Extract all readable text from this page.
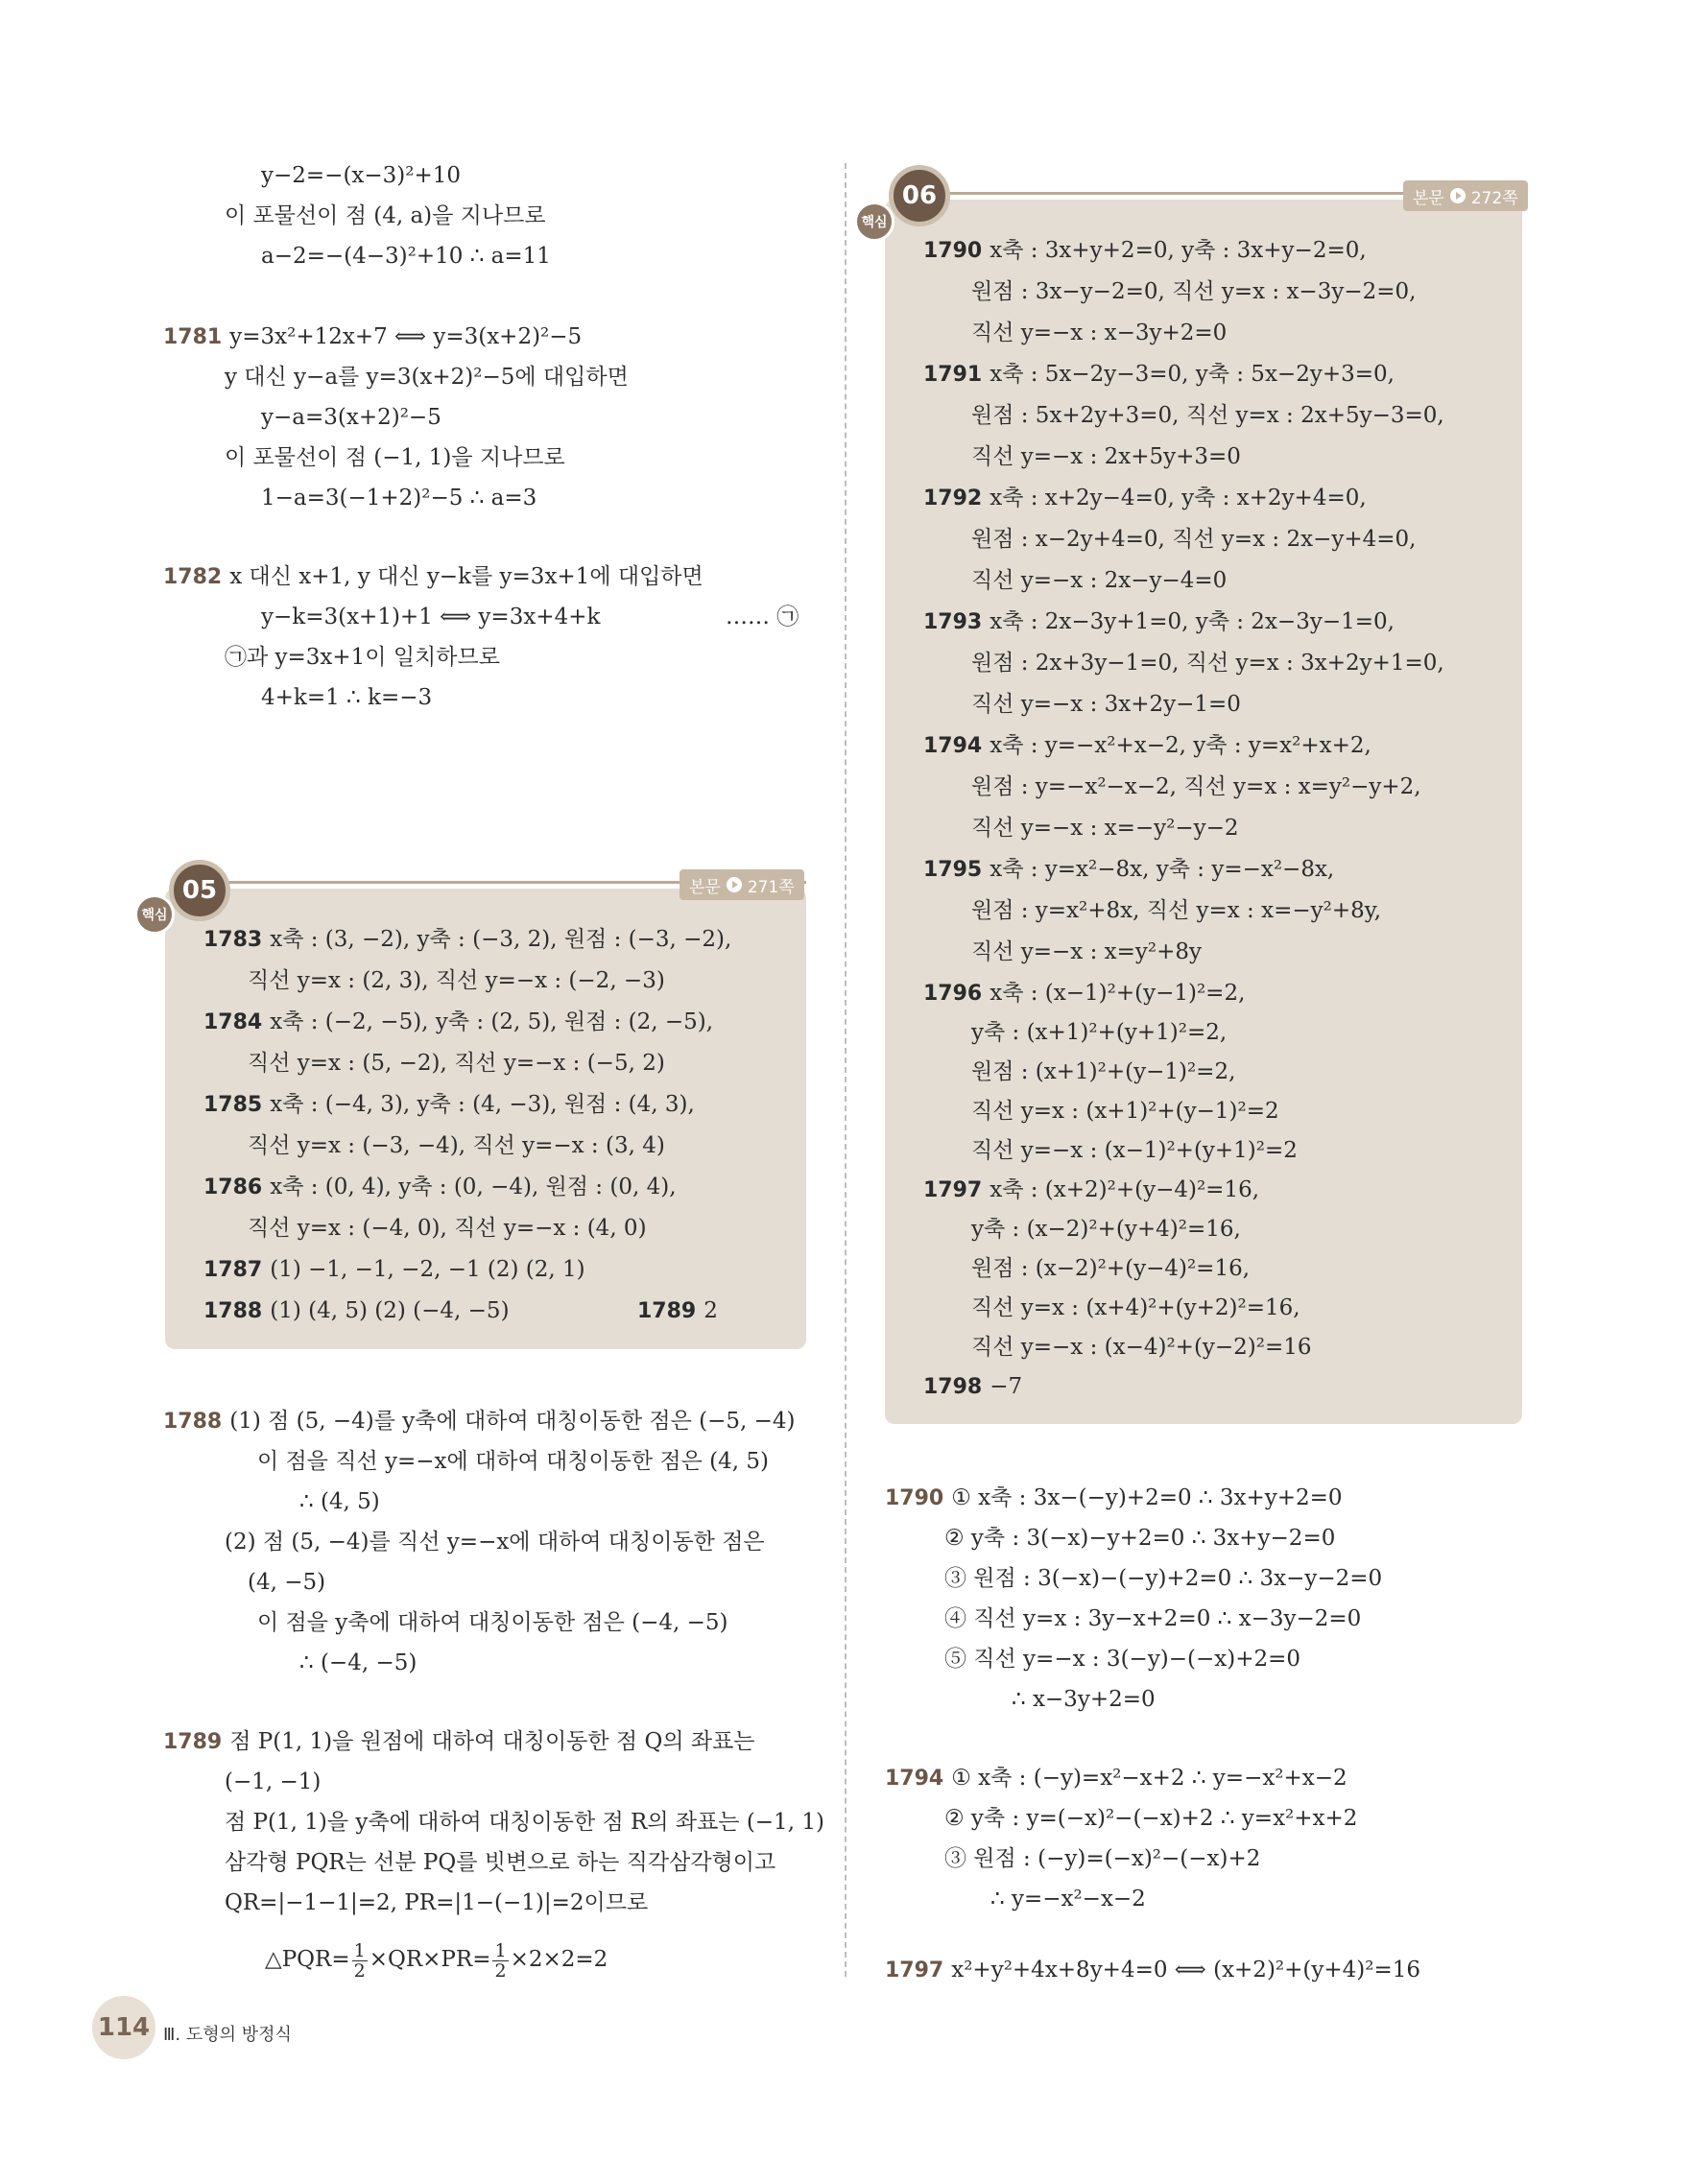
y−2=−(x−3)²+10
이 포물선이 점 (4, a)을 지나므로
a−2=−(4−3)²+10 ∴ a=11
1781 y=3x²+12x+7 ⟺ y=3(x+2)²−5
y 대신 y−a를 y=3(x+2)²−5에 대입하면
y−a=3(x+2)²−5
이 포물선이 점 (−1, 1)을 지나므로
1−a=3(−1+2)²−5 ∴ a=3
1782 x 대신 x+1, y 대신 y−k를 y=3x+1에 대입하면
y−k=3(x+1)+1 ⟺ y=3x+4+k	…… ㉠
㉠과 y=3x+1이 일치하므로
4+k=1 ∴ k=−3
05
핵심
본문 271쪽
1783 x축 : (3, −2), y축 : (−3, 2), 원점 : (−3, −2),
직선 y=x : (2, 3), 직선 y=−x : (−2, −3)
1784 x축 : (−2, −5), y축 : (2, 5), 원점 : (2, −5),
직선 y=x : (5, −2), 직선 y=−x : (−5, 2)
1785 x축 : (−4, 3), y축 : (4, −3), 원점 : (4, 3),
직선 y=x : (−3, −4), 직선 y=−x : (3, 4)
1786 x축 : (0, 4), y축 : (0, −4), 원점 : (0, 4),
직선 y=x : (−4, 0), 직선 y=−x : (4, 0)
1787 (1) −1, −1, −2, −1 (2) (2, 1)
1788 (1) (4, 5) (2) (−4, −5)	1789 2
1788 (1) 점 (5, −4)를 y축에 대하여 대칭이동한 점은 (−5, −4)
이 점을 직선 y=−x에 대하여 대칭이동한 점은 (4, 5)
∴ (4, 5)
(2) 점 (5, −4)를 직선 y=−x에 대하여 대칭이동한 점은
(4, −5)
이 점을 y축에 대하여 대칭이동한 점은 (−4, −5)
∴ (−4, −5)
1789 점 P(1, 1)을 원점에 대하여 대칭이동한 점 Q의 좌표는
(−1, −1)
점 P(1, 1)을 y축에 대하여 대칭이동한 점 R의 좌표는 (−1, 1)
삼각형 PQR는 선분 PQ를 빗변으로 하는 직각삼각형이고
QR=|−1−1|=2, PR=|1−(−1)|=2이므로
△PQR= $\frac{1}{2} \times QR\times PR= \frac{1}{2} \times 2\times 2=2$
06
핵심
본문 272쪽
1790 x축 : 3x+y+2=0, y축 : 3x+y−2=0,
원점 : 3x−y−2=0, 직선 y=x : x−3y−2=0,
직선 y=−x : x−3y+2=0
1791 x축 : 5x−2y−3=0, y축 : 5x−2y+3=0,
원점 : 5x+2y+3=0, 직선 y=x : 2x+5y−3=0,
직선 y=−x : 2x+5y+3=0
1792 x축 : x+2y−4=0, y축 : x+2y+4=0,
원점 : x−2y+4=0, 직선 y=x : 2x−y+4=0,
직선 y=−x : 2x−y−4=0
1793 x축 : 2x−3y+1=0, y축 : 2x−3y−1=0,
원점 : 2x+3y−1=0, 직선 y=x : 3x+2y+1=0,
직선 y=−x : 3x+2y−1=0
1794 x축 : y=−x²+x−2, y축 : y=x²+x+2,
원점 : y=−x²−x−2, 직선 y=x : x=y²−y+2,
직선 y=−x : x=−y²−y−2
1795 x축 : y=x²−8x, y축 : y=−x²−8x,
원점 : y=x²+8x, 직선 y=x : x=−y²+8y,
직선 y=−x : x=y²+8y
1796 x축 : (x−1)²+(y−1)²=2,
y축 : (x+1)²+(y+1)²=2,
원점 : (x+1)²+(y−1)²=2,
직선 y=x : (x+1)²+(y−1)²=2
직선 y=−x : (x−1)²+(y+1)²=2
1797 x축 : (x+2)²+(y−4)²=16,
y축 : (x−2)²+(y+4)²=16,
원점 : (x−2)²+(y−4)²=16,
직선 y=x : (x+4)²+(y+2)²=16,
직선 y=−x : (x−4)²+(y−2)²=16
1798 −7
1790 ① x축 : 3x−(−y)+2=0 ∴ 3x+y+2=0
② y축 : 3(−x)−y+2=0 ∴ 3x+y−2=0
③ 원점 : 3(−x)−(−y)+2=0 ∴ 3x−y−2=0
④ 직선 y=x : 3y−x+2=0 ∴ x−3y−2=0
⑤ 직선 y=−x : 3(−y)−(−x)+2=0
∴ x−3y+2=0
1794 ① x축 : (−y)=x²−x+2 ∴ y=−x²+x−2
② y축 : y=(−x)²−(−x)+2 ∴ y=x²+x+2
③ 원점 : (−y)=(−x)²−(−x)+2
∴ y=−x²−x−2
1797 x²+y²+4x+8y+4=0 ⟺ (x+2)²+(y+4)²=16
114 Ⅲ. 도형의 방정식
